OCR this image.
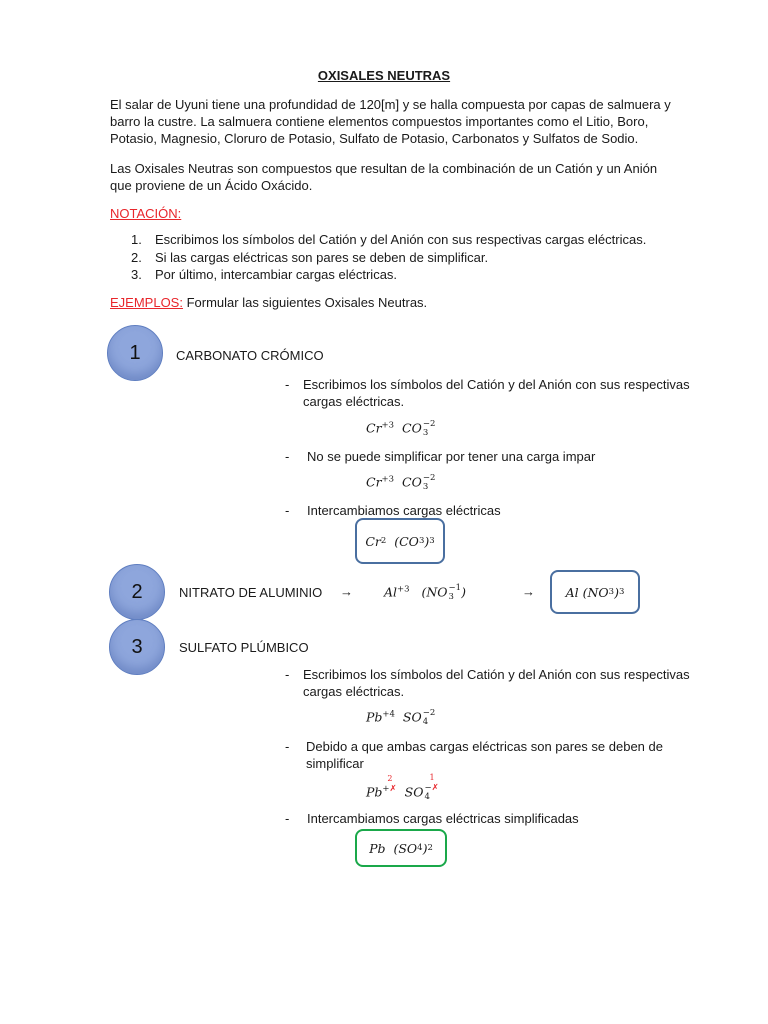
OXISALES NEUTRAS
El salar de Uyuni tiene una profundidad de 120[m] y se halla compuesta por capas de salmuera y barro la custre. La salmuera contiene elementos compuestos importantes como el Litio, Boro, Potasio, Magnesio, Cloruro de Potasio, Sulfato de Potasio, Carbonatos y Sulfatos de Sodio.
Las Oxisales Neutras son compuestos que resultan de la combinación de un Catión y un Anión que proviene de un Ácido Oxácido.
NOTACIÓN:
1.	Escribimos los símbolos del Catión y del Anión con sus respectivas cargas eléctricas.
2.	Si las cargas eléctricas son pares se deben de simplificar.
3.	Por último, intercambiar cargas eléctricas.
EJEMPLOS: Formular las siguientes Oxisales Neutras.
1	CARBONATO CRÓMICO
-	Escribimos los símbolos del Catión y del Anión con sus respectivas cargas eléctricas.
$Cr^{+3}$ CO −2
3
-	No se puede simplificar por tener una carga impar
$Cr^{+3}$ CO −2
3
-	Intercambiamos cargas eléctricas
Cr 2
(CO 3 ) 3
2	NITRATO DE ALUMINIO → $Al^{+3}$ (NO −1
3 )	→ Al
(NO 3 ) 3
3	SULFATO PLÚMBICO
-	Escribimos los símbolos del Catión y del Anión con sus respectivas cargas eléctricas.
$Pb^{+4}$ SO −2
4
-	Debido a que ambas cargas eléctricas son pares se deben de simplificar
Pb+✗
2
SO −✗
4
1
-	Intercambiamos cargas eléctricas simplificadas
Pb
(SO 4 ) 2
